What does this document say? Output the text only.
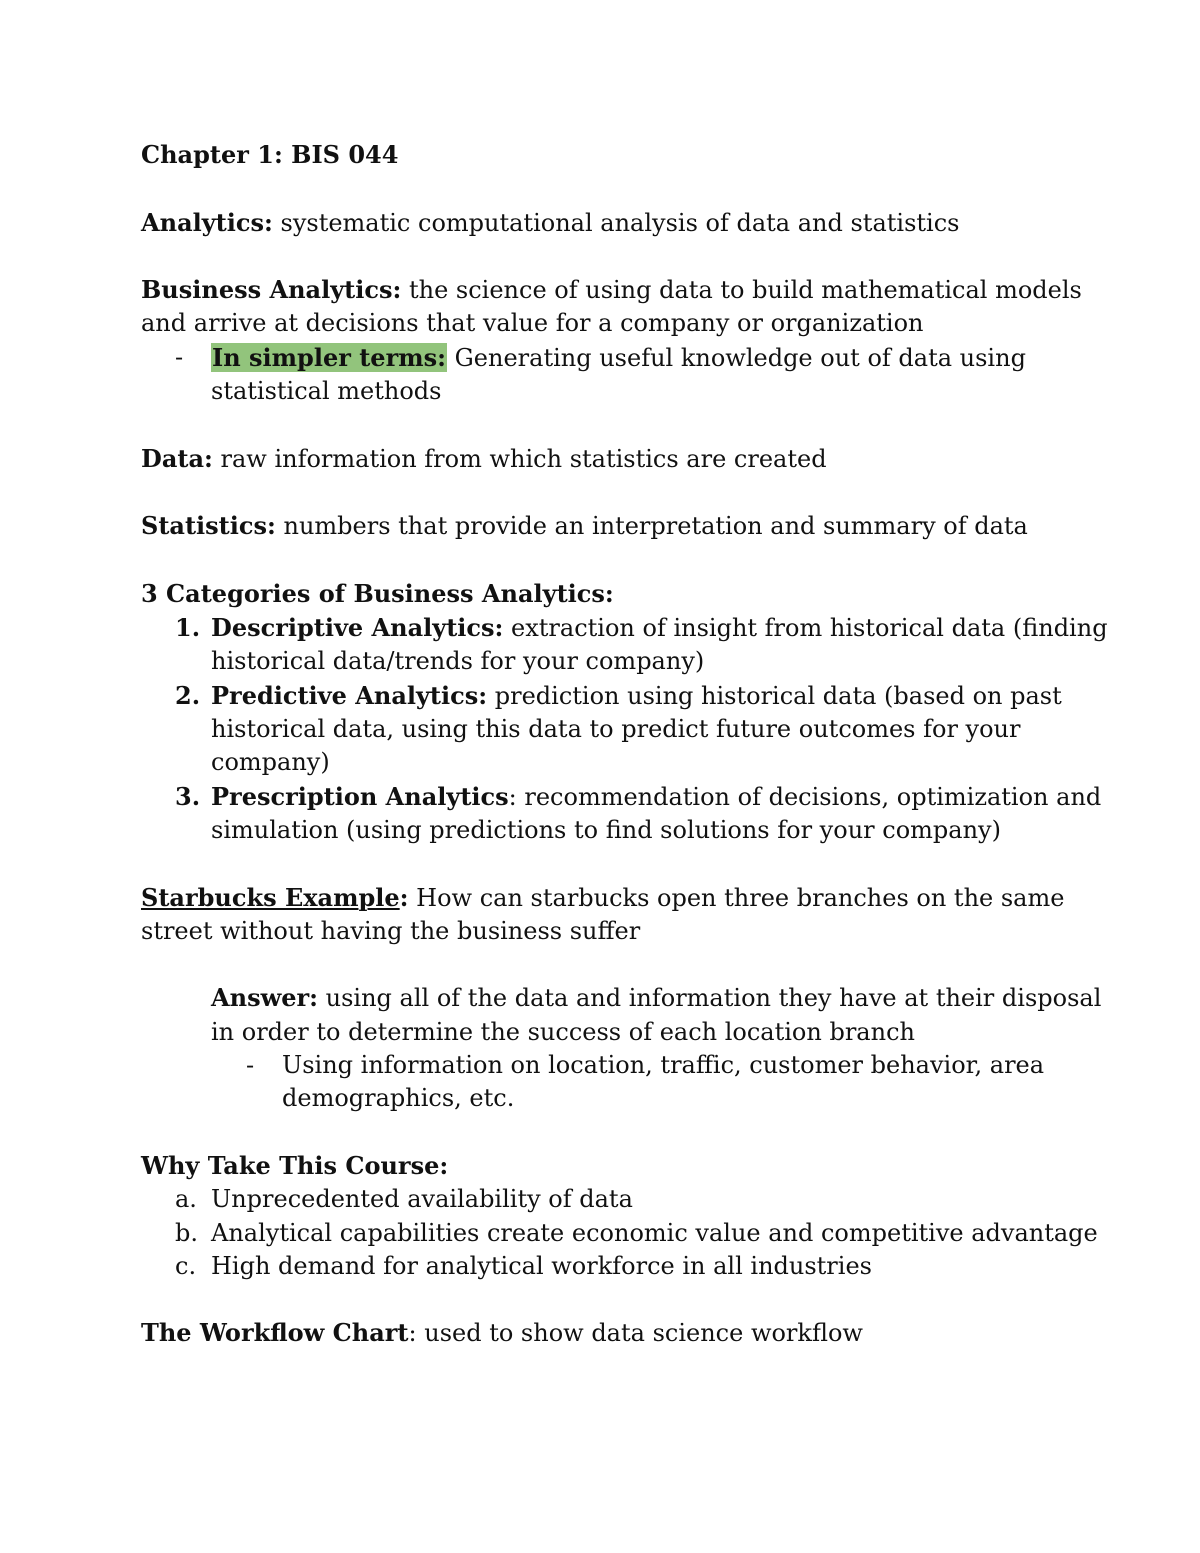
Chapter 1: BIS 044
Analytics: systematic computational analysis of data and statistics
Business Analytics: the science of using data to build mathematical models
and arrive at decisions that value for a company or organization
- In simpler terms: Generating useful knowledge out of data using
statistical methods
Data: raw information from which statistics are created
Statistics: numbers that provide an interpretation and summary of data
3 Categories of Business Analytics:
1. Descriptive Analytics: extraction of insight from historical data (finding
historical data/trends for your company)
2. Predictive Analytics: prediction using historical data (based on past
historical data, using this data to predict future outcomes for your
company)
3. Prescription Analytics: recommendation of decisions, optimization and
simulation (using predictions to find solutions for your company)
Starbucks Example: How can starbucks open three branches on the same
street without having the business suffer
Answer: using all of the data and information they have at their disposal
in order to determine the success of each location branch
- Using information on location, traffic, customer behavior, area
demographics, etc.
Why Take This Course:
a. Unprecedented availability of data
b. Analytical capabilities create economic value and competitive advantage
c. High demand for analytical workforce in all industries
The Workflow Chart: used to show data science workflow
